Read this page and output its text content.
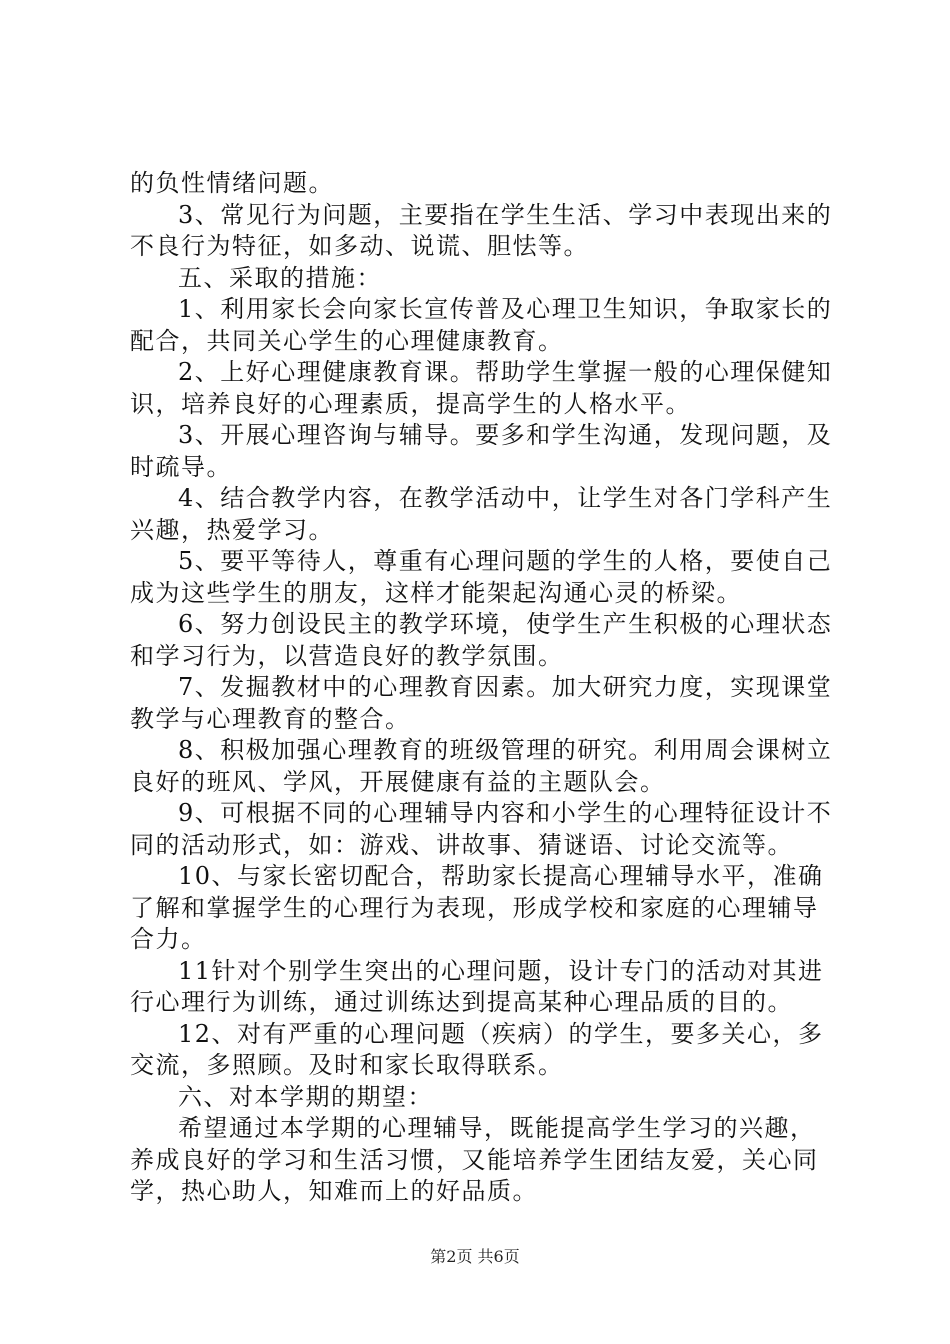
的负性情绪问题。
3、常见行为问题，主要指在学生生活、学习中表现出来的
不良行为特征，如多动、说谎、胆怯等。
五、采取的措施：
1、利用家长会向家长宣传普及心理卫生知识，争取家长的
配合，共同关心学生的心理健康教育。
2、上好心理健康教育课。帮助学生掌握一般的心理保健知
识，培养良好的心理素质，提高学生的人格水平。
3、开展心理咨询与辅导。要多和学生沟通，发现问题，及
时疏导。
4、结合教学内容，在教学活动中，让学生对各门学科产生
兴趣，热爱学习。
5、要平等待人，尊重有心理问题的学生的人格，要使自己
成为这些学生的朋友，这样才能架起沟通心灵的桥梁。
6、努力创设民主的教学环境，使学生产生积极的心理状态
和学习行为，以营造良好的教学氛围。
7、发掘教材中的心理教育因素。加大研究力度，实现课堂
教学与心理教育的整合。
8、积极加强心理教育的班级管理的研究。利用周会课树立
良好的班风、学风，开展健康有益的主题队会。
9、可根据不同的心理辅导内容和小学生的心理特征设计不
同的活动形式，如：游戏、讲故事、猜谜语、讨论交流等。
10、与家长密切配合，帮助家长提高心理辅导水平，准确
了解和掌握学生的心理行为表现，形成学校和家庭的心理辅导
合力。
11针对个别学生突出的心理问题，设计专门的活动对其进
行心理行为训练，通过训练达到提高某种心理品质的目的。
12、对有严重的心理问题（疾病）的学生，要多关心，多
交流，多照顾。及时和家长取得联系。
六、对本学期的期望：
希望通过本学期的心理辅导，既能提高学生学习的兴趣，
养成良好的学习和生活习惯，又能培养学生团结友爱，关心同
学，热心助人，知难而上的好品质。
第2页 共6页
